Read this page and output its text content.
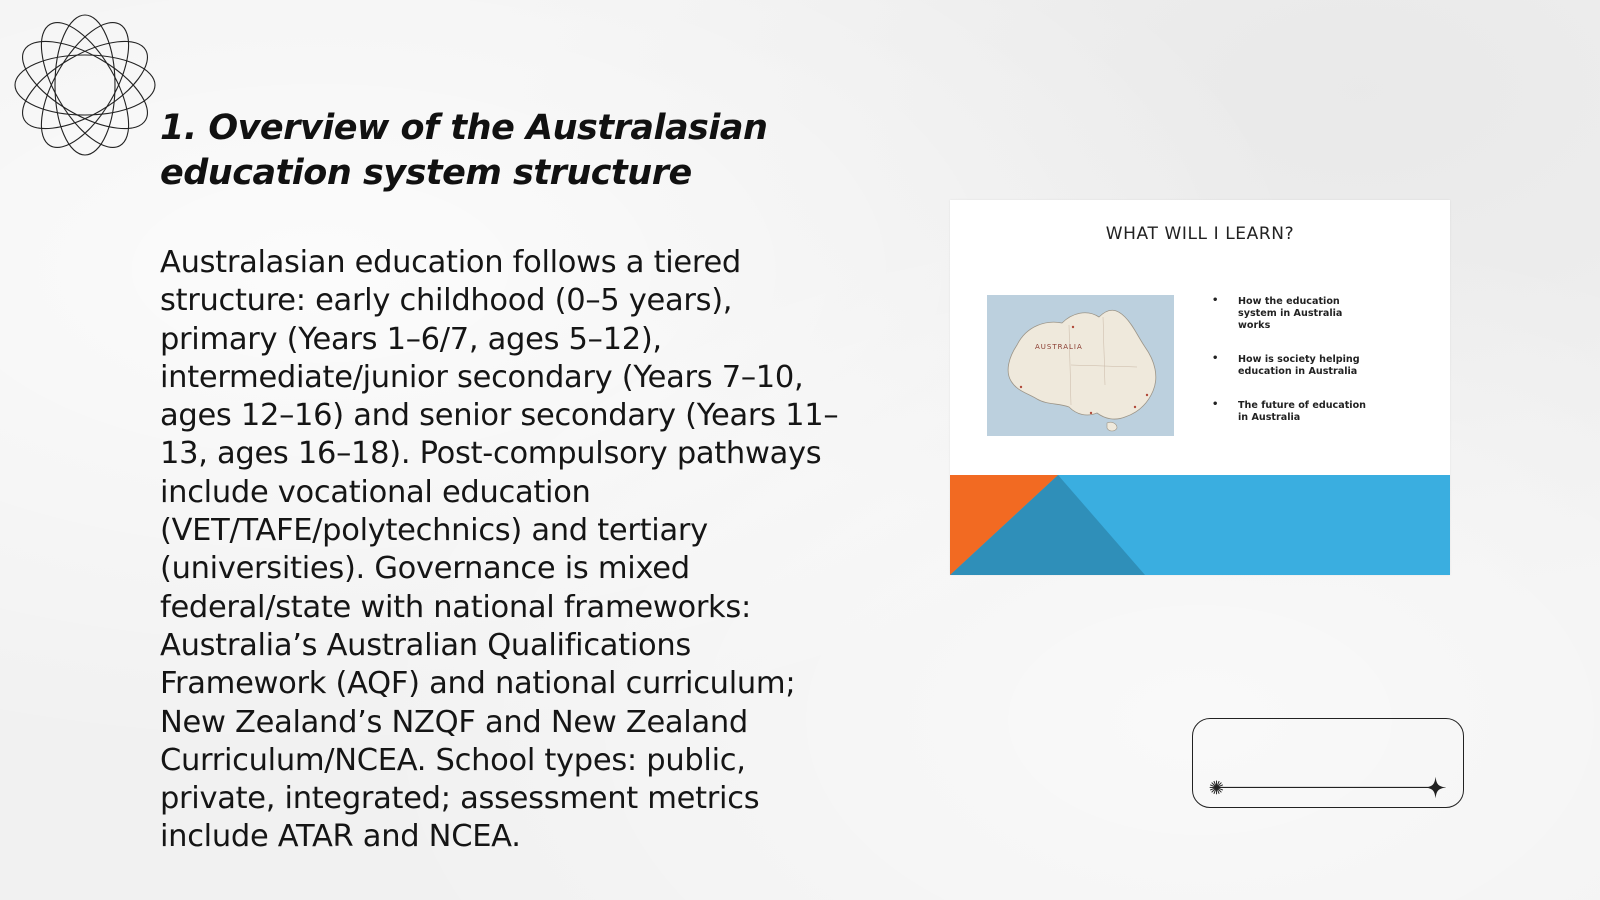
1. Overview of the Australasian
education system structure

Australasian education follows a tiered
structure: early childhood (0–5 years),
primary (Years 1–6/7, ages 5–12),
intermediate/junior secondary (Years 7–10,
ages 12–16) and senior secondary (Years 11–
13, ages 16–18). Post-compulsory pathways
include vocational education
(VET/TAFE/polytechnics) and tertiary
(universities). Governance is mixed
federal/state with national frameworks:
Australia’s Australian Qualifications
Framework (AQF) and national curriculum;
New Zealand’s NZQF and New Zealand
Curriculum/NCEA. School types: public,
private, integrated; assessment metrics
include ATAR and NCEA.

WHAT WILL I LEARN?
AUSTRALIA
• How the education
system in Australia
works
• How is society helping
education in Australia
• The future of education
in Australia
